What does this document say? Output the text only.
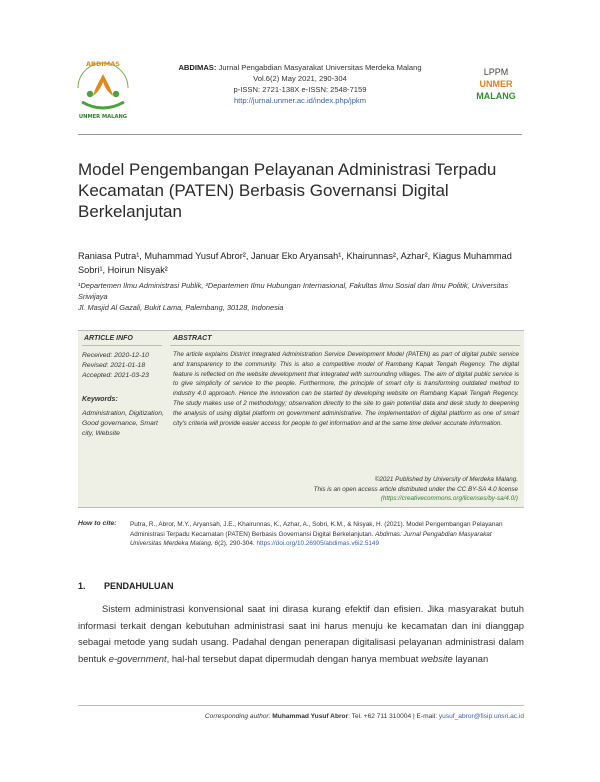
ABDIMAS
UNMER MALANG
ABDIMAS: Jurnal Pengabdian Masyarakat Universitas Merdeka Malang
Vol.6(2) May 2021, 290-304
p-ISSN: 2721-138X e-ISSN: 2548-7159
http://jurnal.unmer.ac.id/index.php/jpkm
LPPM
UNMER
MALANG
Model Pengembangan Pelayanan Administrasi Terpadu Kecamatan (PATEN) Berbasis Governansi Digital Berkelanjutan
Raniasa Putra¹, Muhammad Yusuf Abror², Januar Eko Aryansah¹, Khairunnas², Azhar², Kiagus Muhammad Sobri¹, Hoirun Nisyak²
¹Departemen Ilmu Administrasi Publik, ²Departemen Ilmu Hubungan Internasional, Fakultas Ilmu Sosial dan Ilmu Politik, Universitas Sriwijaya
Jl. Masjid Al Gazali, Bukit Lama, Palembang, 30128, Indonesia
ARTICLE INFO
Received: 2020-12-10
Revised: 2021-01-18
Accepted: 2021-03-23
Keywords:
Administration, Digitization, Good governance, Smart city, Website
ABSTRACT
The article explains District Integrated Administration Service Development Model (PATEN) as part of digital public service and transparency to the community. This is also a competitive model of Rambang Kapak Tengah Regency. The digital feature is reflected on the website development that integrated with surrounding villages. The aim of digital public service is to give simplicity of service to the people. Furthermore, the principle of smart city is transforming outdated method to industry 4.0 approach. Hence the innovation can be started by developing website on Rambang Kapak Tengah Regency. The study makes use of 2 methodology; observation directly to the site to gain potential data and desk study to deepening the analysis of using digital platform on government administrative. The implementation of digital platform as one of smart city's criteria will provide easier access for people to get information and at the same time deliver accurate information.
©2021 Published by University of Merdeka Malang.
This is an open access article distributed under the CC BY-SA 4.0 license
(https://creativecommons.org/licenses/by-sa/4.0/)
How to cite: Putra, R., Abror, M.Y., Aryansah, J.E., Khairunnas, K., Azhar, A., Sobri, K.M., & Nisyak, H. (2021). Model Pengembangan Pelayanan Administrasi Terpadu Kecamatan (PATEN) Berbasis Governansi Digital Berkelanjutan. Abdimas: Jurnal Pengabdian Masyarakat Universitas Merdeka Malang, 6(2), 290-304. https://doi.org/10.26905/abdimas.v6i2.5149
1. PENDAHULUAN
Sistem administrasi konvensional saat ini dirasa kurang efektif dan efisien. Jika masyarakat butuh informasi terkait dengan kebutuhan administrasi saat ini harus menuju ke kecamatan dan ini dianggap sebagai metode yang sudah usang. Padahal dengan penerapan digitalisasi pelayanan administrasi dalam bentuk e-government, hal-hal tersebut dapat dipermudah dengan hanya membuat website layanan
Corresponding author: Muhammad Yusuf Abror: Tel. +62 711 310004 | E-mail: yusuf_abror@fisip.unsri.ac.id
